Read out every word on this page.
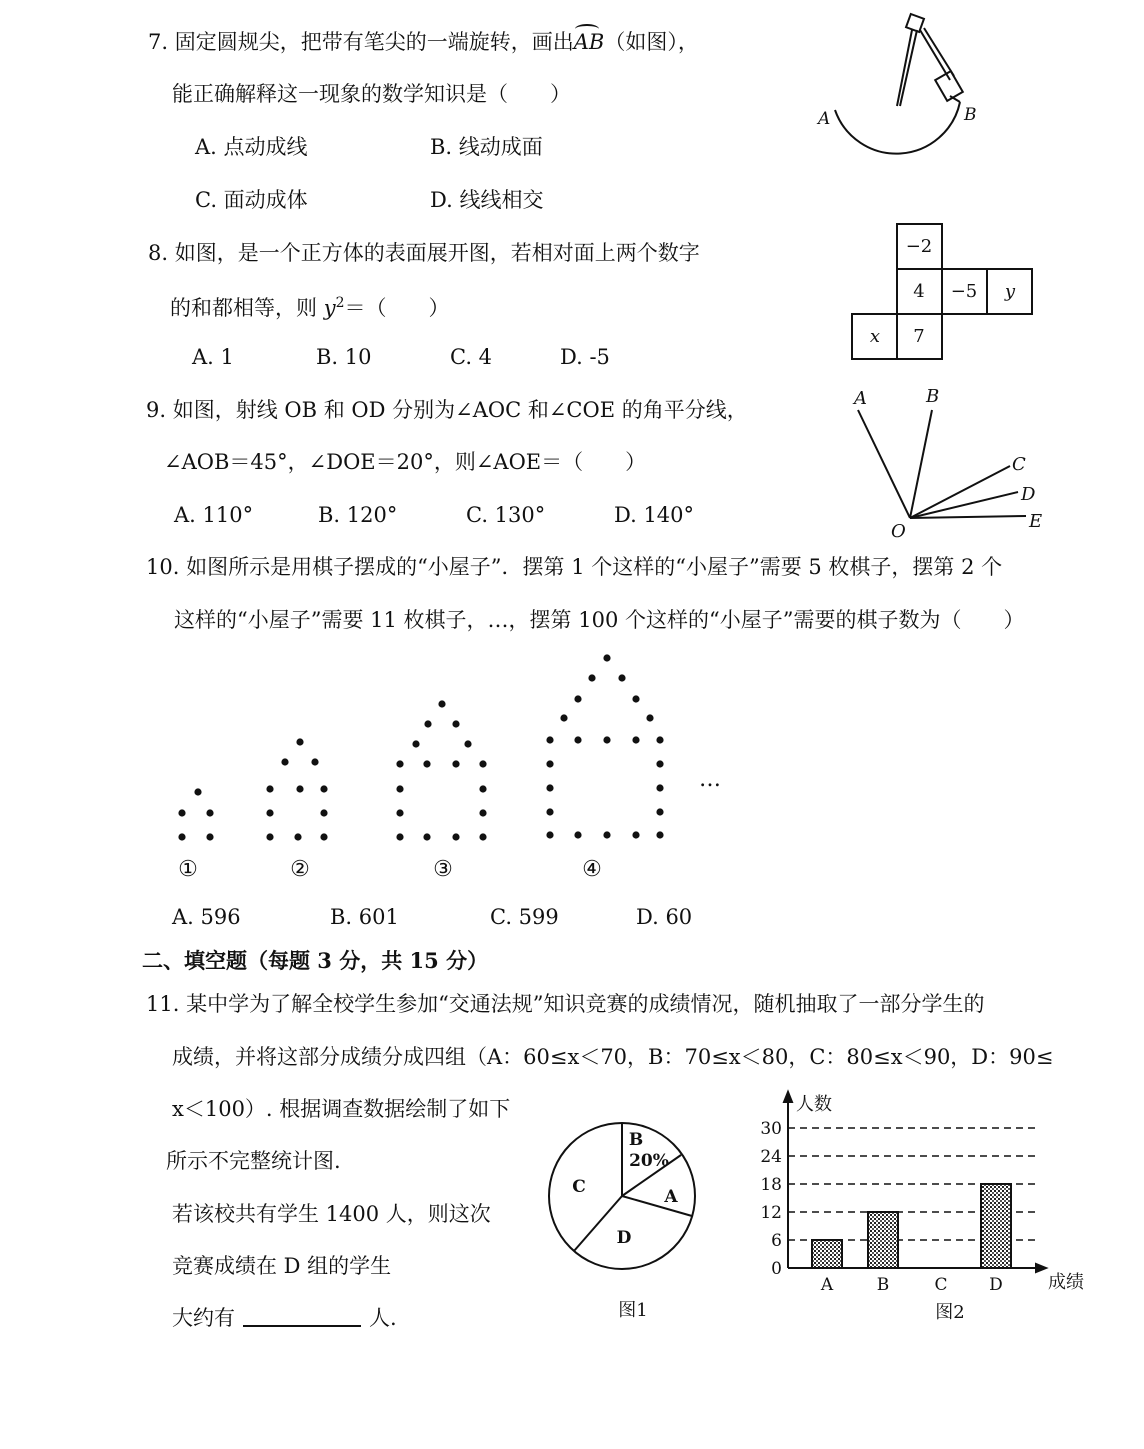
7. 固定圆规尖，把带有笔尖的一端旋转，画出
AB（如图），
能正确解释这一现象的数学知识是（　　）
A. 点动成线	B. 线动成面
C. 面动成体	D. 线线相交
A	B
8. 如图，是一个正方体的表面展开图，若相对面上两个数字
的和都相等，则 $y^2=$（　　）
A. 1	B. 10	C. 4	D. -5
−2
4 −5 y
x 7
9. 如图，射线 OB 和 OD 分别为∠AOC 和∠COE 的角平分线，
∠AOB＝45°，∠DOE＝20°，则∠AOE＝（　　）
A. 110°	B. 120°	C. 130°	D. 140°
A	B
C
D
E
O
10. 如图所示是用棋子摆成的“小屋子”．摆第 1 个这样的“小屋子”需要 5 枚棋子，摆第 2 个
这样的“小屋子”需要 11 枚棋子，…，摆第 100 个这样的“小屋子”需要的棋子数为（　　）
①	②	③	④
…
A. 596	B. 601	C. 599	D. 60
二、填空题（每题 3 分，共 15 分）
11. 某中学为了解全校学生参加“交通法规”知识竞赛的成绩情况，随机抽取了一部分学生的
成绩，并将这部分成绩分成四组（A：60≤x＜70，B：70≤x＜80，C：80≤x＜90，D：90≤
x＜100）. 根据调查数据绘制了如下
所示不完整统计图.
若该校共有学生 1400 人，则这次
竞赛成绩在 D 组的学生
大约有	人.
B
20%
A
C
D
图1
0
6
12
18
24
30
A	B	C D
人数
成绩
图2
